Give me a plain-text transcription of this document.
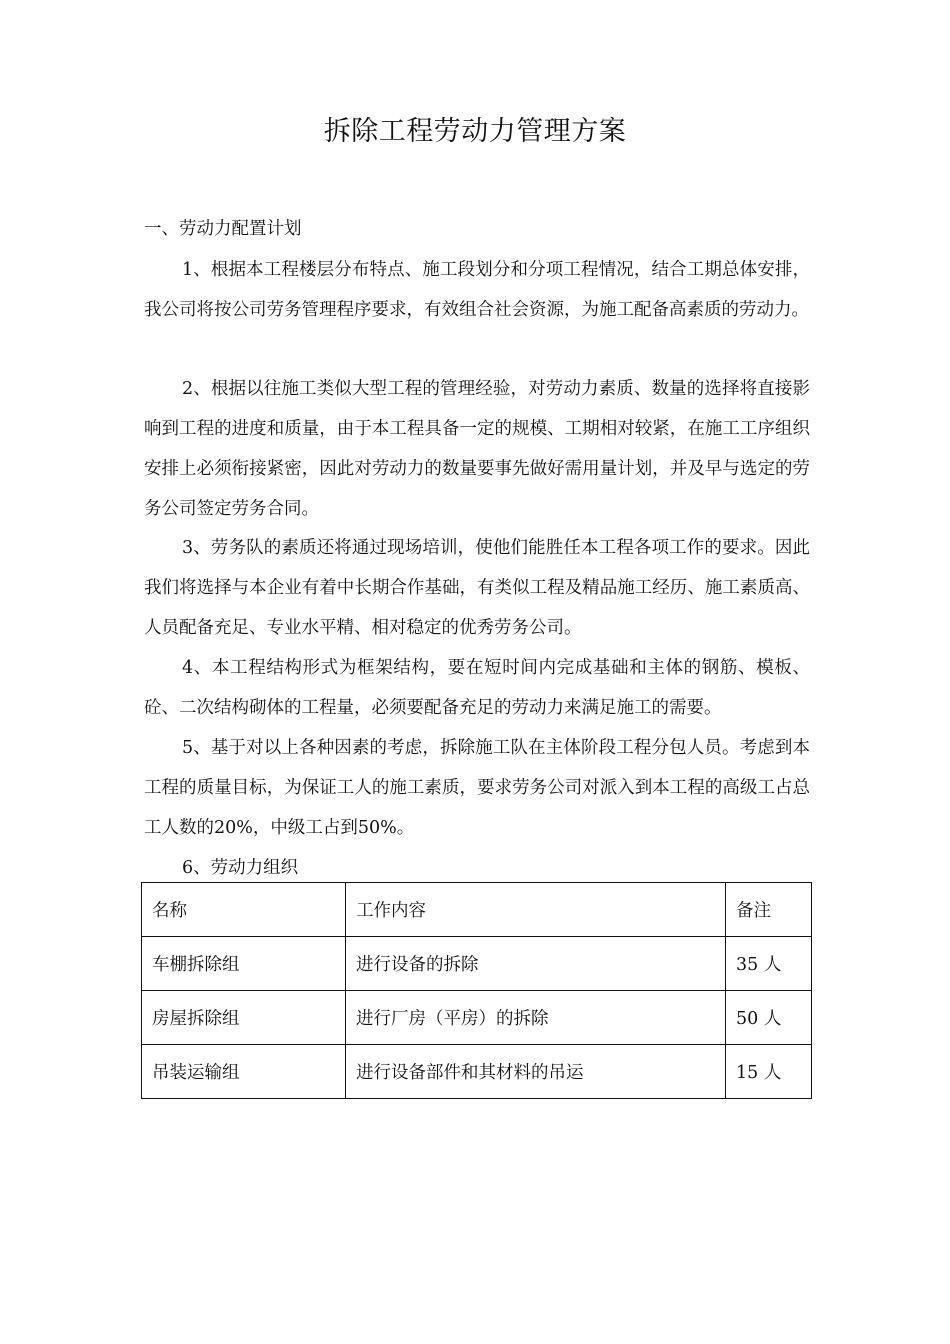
拆除工程劳动力管理方案
一、劳动力配置计划
1、根据本工程楼层分布特点、施工段划分和分项工程情况，结合工期总体安排，我公司将按公司劳务管理程序要求，有效组合社会资源，为施工配备高素质的劳动力。
2、根据以往施工类似大型工程的管理经验，对劳动力素质、数量的选择将直接影响到工程的进度和质量，由于本工程具备一定的规模、工期相对较紧，在施工工序组织安排上必须衔接紧密，因此对劳动力的数量要事先做好需用量计划，并及早与选定的劳务公司签定劳务合同。
3、劳务队的素质还将通过现场培训，使他们能胜任本工程各项工作的要求。因此我们将选择与本企业有着中长期合作基础，有类似工程及精品施工经历、施工素质高、人员配备充足、专业水平精、相对稳定的优秀劳务公司。
4、本工程结构形式为框架结构，要在短时间内完成基础和主体的钢筋、模板、砼、二次结构砌体的工程量，必须要配备充足的劳动力来满足施工的需要。
5、基于对以上各种因素的考虑，拆除施工队在主体阶段工程分包人员。考虑到本工程的质量目标，为保证工人的施工素质，要求劳务公司对派入到本工程的高级工占总工人数的20%，中级工占到50%。
6、劳动力组织
名称	工作内容	备注
车棚拆除组	进行设备的拆除	35 人
房屋拆除组	进行厂房（平房）的拆除	50 人
吊装运输组	进行设备部件和其材料的吊运	15 人
